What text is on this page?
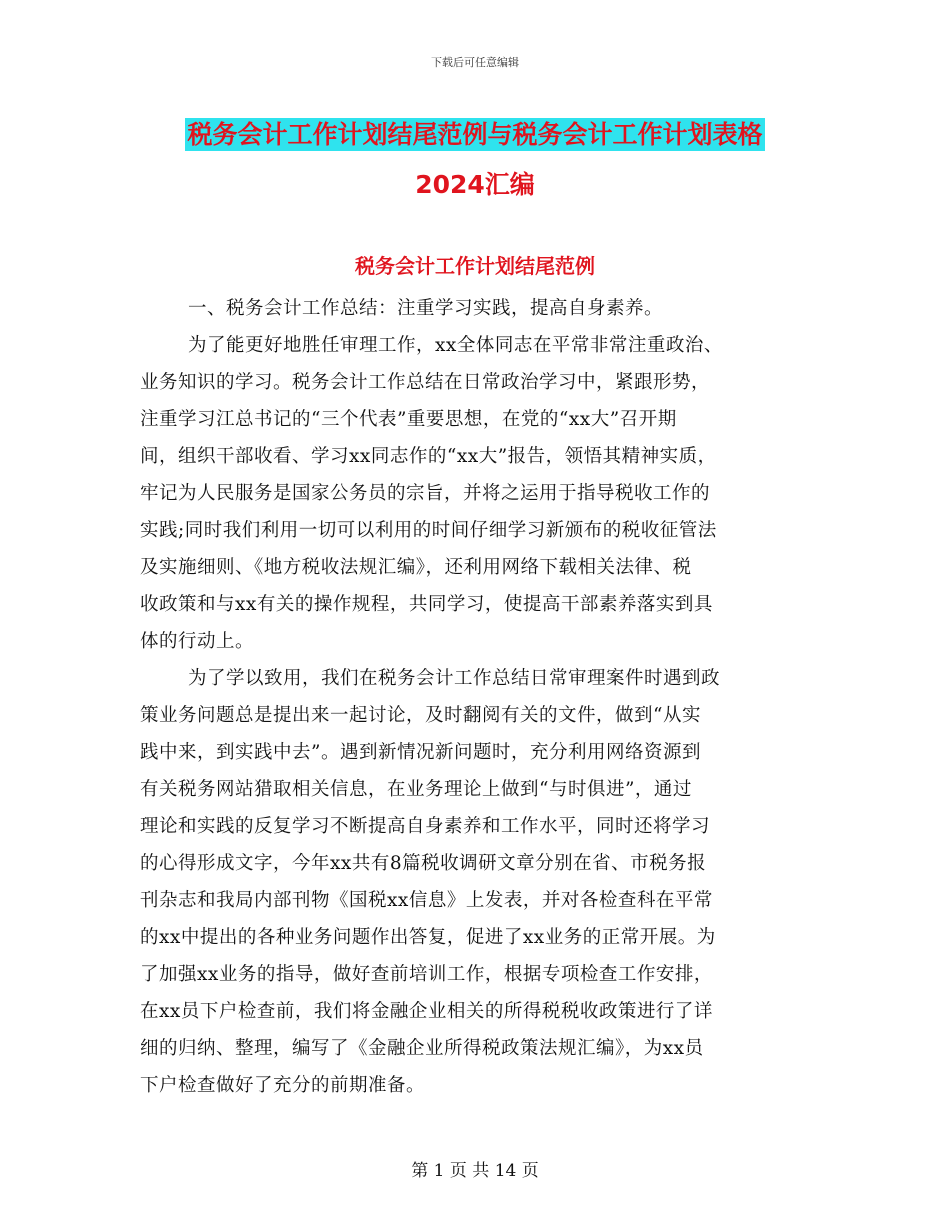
下载后可任意编辑
税务会计工作计划结尾范例与税务会计工作计划表格
2024汇编
税务会计工作计划结尾范例
一、税务会计工作总结：注重学习实践，提高自身素养。
为了能更好地胜任审理工作，xx全体同志在平常非常注重政治、
业务知识的学习。税务会计工作总结在日常政治学习中，紧跟形势，
注重学习江总书记的“三个代表”重要思想，在党的“xx大”召开期
间，组织干部收看、学习xx同志作的“xx大”报告，领悟其精神实质，
牢记为人民服务是国家公务员的宗旨，并将之运用于指导税收工作的
实践;同时我们利用一切可以利用的时间仔细学习新颁布的税收征管法
及实施细则、《地方税收法规汇编》，还利用网络下载相关法律、税
收政策和与xx有关的操作规程，共同学习，使提高干部素养落实到具
体的行动上。
为了学以致用，我们在税务会计工作总结日常审理案件时遇到政
策业务问题总是提出来一起讨论，及时翻阅有关的文件，做到“从实
践中来，到实践中去”。遇到新情况新问题时，充分利用网络资源到
有关税务网站猎取相关信息，在业务理论上做到“与时俱进”，通过
理论和实践的反复学习不断提高自身素养和工作水平，同时还将学习
的心得形成文字，今年xx共有8篇税收调研文章分别在省、市税务报
刊杂志和我局内部刊物《国税xx信息》上发表，并对各检查科在平常
的xx中提出的各种业务问题作出答复，促进了xx业务的正常开展。为
了加强xx业务的指导，做好查前培训工作，根据专项检查工作安排，
在xx员下户检查前，我们将金融企业相关的所得税税收政策进行了详
细的归纳、整理，编写了《金融企业所得税政策法规汇编》，为xx员
下户检查做好了充分的前期准备。
第 1 页 共 14 页
